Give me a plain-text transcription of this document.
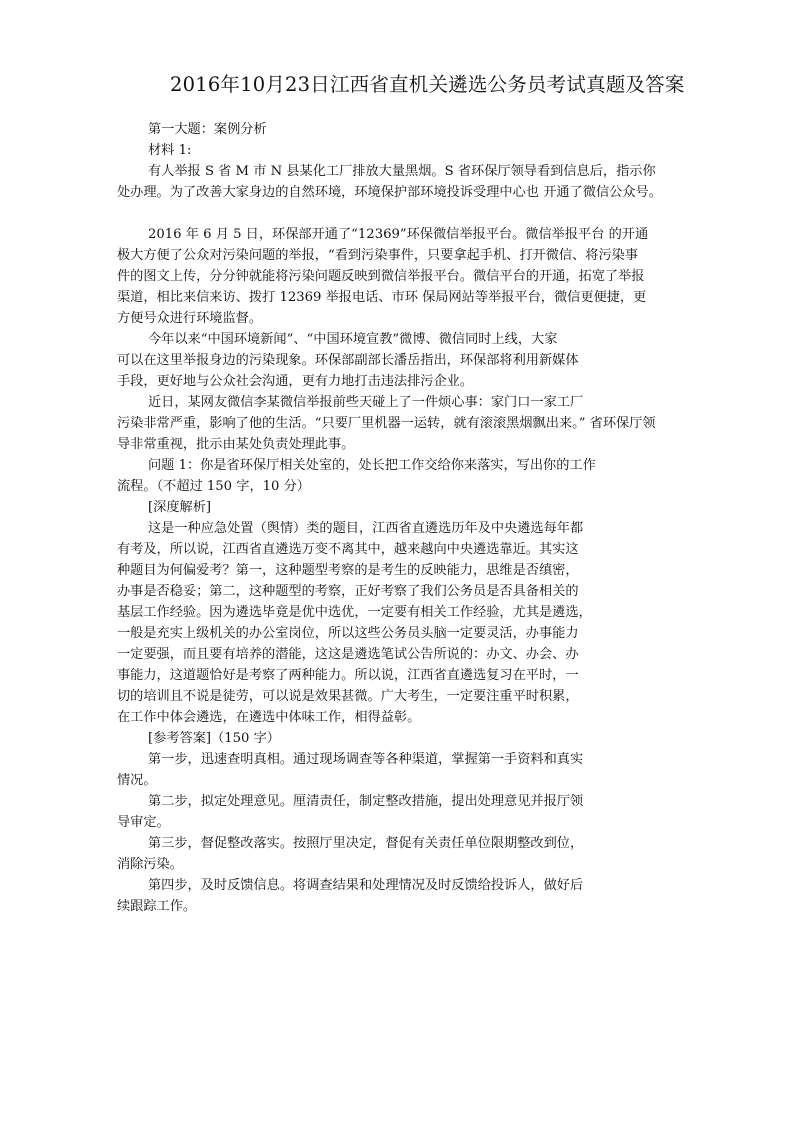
2016年10月23日江西省直机关遴选公务员考试真题及答案
第一大题：案例分析
材料 1:
有人举报 S 省 M 市 N 县某化工厂排放大量黑烟。S 省环保厅领导看到信息后，指示你
处办理。为了改善大家身边的自然环境，环境保护部环境投诉受理中心也 开通了微信公众号。
2016 年 6 月 5 日，环保部开通了“12369”环保微信举报平台。微信举报平台 的开通
极大方便了公众对污染问题的举报，“看到污染事件，只要拿起手机、打开微信、将污染事
件的图文上传，分分钟就能将污染问题反映到微信举报平台。微信平台的开通，拓宽了举报
渠道，相比来信来访、拨打 12369 举报电话、市环 保局网站等举报平台，微信更便捷，更
方便号众进行环境监督。
今年以来“中国环境新闻”、“中国环境宣教”微博、微信同时上线，大家
可以在这里举报身边的污染现象。环保部副部长潘岳指出，环保部将利用新媒体
手段，更好地与公众社会沟通，更有力地打击违法排污企业。
近日，某网友微信李某微信举报前些天碰上了一件烦心事：家门口一家工厂
污染非常严重，影响了他的生活。“只要厂里机器一运转，就有滚滚黑烟飘出来。” 省环保厅领
导非常重视，批示由某处负责处理此事。
问题 1：你是省环保厅相关处室的，处长把工作交给你来落实，写出你的工作
流程。（不超过 150 字，10 分）
[深度解析]
这是一种应急处置（舆情）类的题目，江西省直遴选历年及中央遴选每年都
有考及，所以说，江西省直遴选万变不离其中，越来越向中央遴选靠近。其实这
种题目为何偏爱考？第一，这种题型考察的是考生的反映能力，思维是否缜密，
办事是否稳妥；第二，这种题型的考察，正好考察了我们公务员是否具备相关的
基层工作经验。因为遴选毕竟是优中选优，一定要有相关工作经验，尤其是遴选，
一般是充实上级机关的办公室岗位，所以这些公务员头脑一定要灵活，办事能力
一定要强，而且要有培养的潜能，这这是遴选笔试公告所说的：办文、办会、办
事能力，这道题恰好是考察了两种能力。所以说，江西省直遴选复习在平时，一
切的培训且不说是徒劳，可以说是效果甚微。广大考生，一定要注重平时积累，
在工作中体会遴选，在遴选中体味工作，相得益彰。
[参考答案]（150 字）
第一步，迅速查明真相。通过现场调查等各种渠道，掌握第一手资料和真实
情况。
第二步，拟定处理意见。厘清责任，制定整改措施，提出处理意见并报厅领
导审定。
第三步，督促整改落实。按照厅里决定，督促有关责任单位限期整改到位，
消除污染。
第四步，及时反馈信息。将调查结果和处理情况及时反馈给投诉人，做好后
续跟踪工作。
